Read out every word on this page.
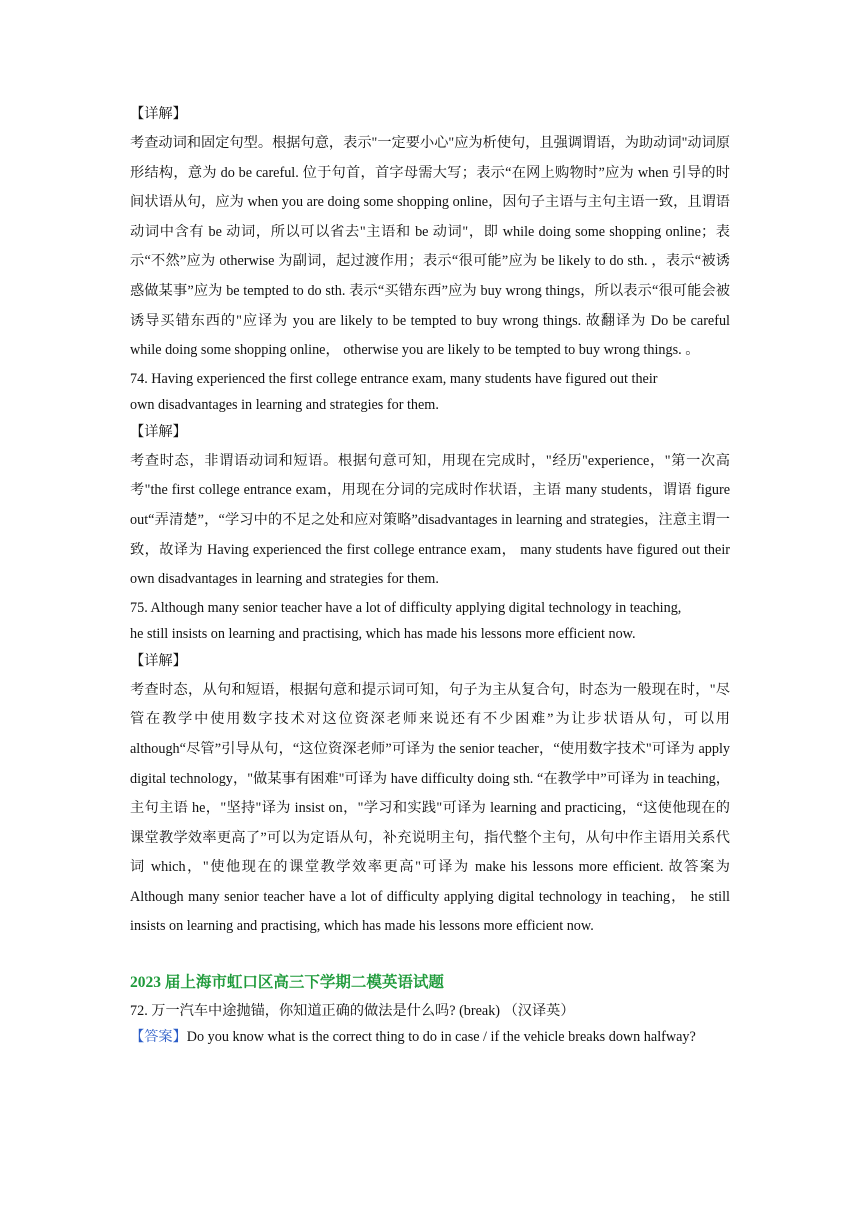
【详解】
考查动词和固定句型。根据句意，表示"一定要小心"应为析使句，且强调谓语，为助动词"动词原形结构，意为 do be careful. 位于句首，首字母需大写；表示“在网上购物时”应为 when 引导的时间状语从句，应为 when you are doing some shopping online，因句子主语与主句主语一致，且谓语动词中含有 be 动词，所以可以省去"主语和 be 动词"，即 while doing some shopping online；表示“不然”应为 otherwise 为副词，起过渡作用；表示“很可能”应为 be likely to do sth. ，表示“被诱惑做某事”应为 be tempted to do sth. 表示“买错东西”应为 buy wrong things，所以表示“很可能会被诱导买错东西的"应译为 you are likely to be tempted to buy wrong things. 故翻译为 Do be careful while doing some shopping online， otherwise you are likely to be tempted to buy wrong things. 。
74. Having experienced the first college entrance exam, many students have figured out their
own disadvantages in learning and strategies for them.
【详解】
考查时态，非谓语动词和短语。根据句意可知，用现在完成时，"经历"experience，"第一次高考"the first college entrance exam，用现在分词的完成时作状语，主语 many students，谓语 figure out“弄清楚”，“学习中的不足之处和应对策略”disadvantages in learning and strategies，注意主谓一致，故译为 Having experienced the first college entrance exam， many students have figured out their own disadvantages in learning and strategies for them.
75. Although many senior teacher have a lot of difficulty applying digital technology in teaching,
he still insists on learning and practising, which has made his lessons more efficient now.
【详解】
考查时态，从句和短语，根据句意和提示词可知，句子为主从复合句，时态为一般现在时，"尽管在教学中使用数字技术对这位资深老师来说还有不少困难”为让步状语从句，可以用 although“尽管”引导从句，“这位资深老师”可译为 the senior teacher，“使用数字技术"可译为 apply digital technology，"做某事有困难"可译为 have difficulty doing sth. “在教学中”可译为 in teaching，主句主语 he，"坚持"译为 insist on，"学习和实践"可译为 learning and practicing，“这使他现在的课堂教学效率更高了”可以为定语从句，补充说明主句，指代整个主句，从句中作主语用关系代词 which，"使他现在的课堂教学效率更高"可译为 make his lessons more efficient. 故答案为 Although many senior teacher have a lot of difficulty applying digital technology in teaching， he still insists on learning and practising, which has made his lessons more efficient now.
2023 届上海市虹口区高三下学期二模英语试题
72. 万一汽车中途抛锚，你知道正确的做法是什么吗? (break) （汉译英）
【答案】Do you know what is the correct thing to do in case / if the vehicle breaks down halfway?
